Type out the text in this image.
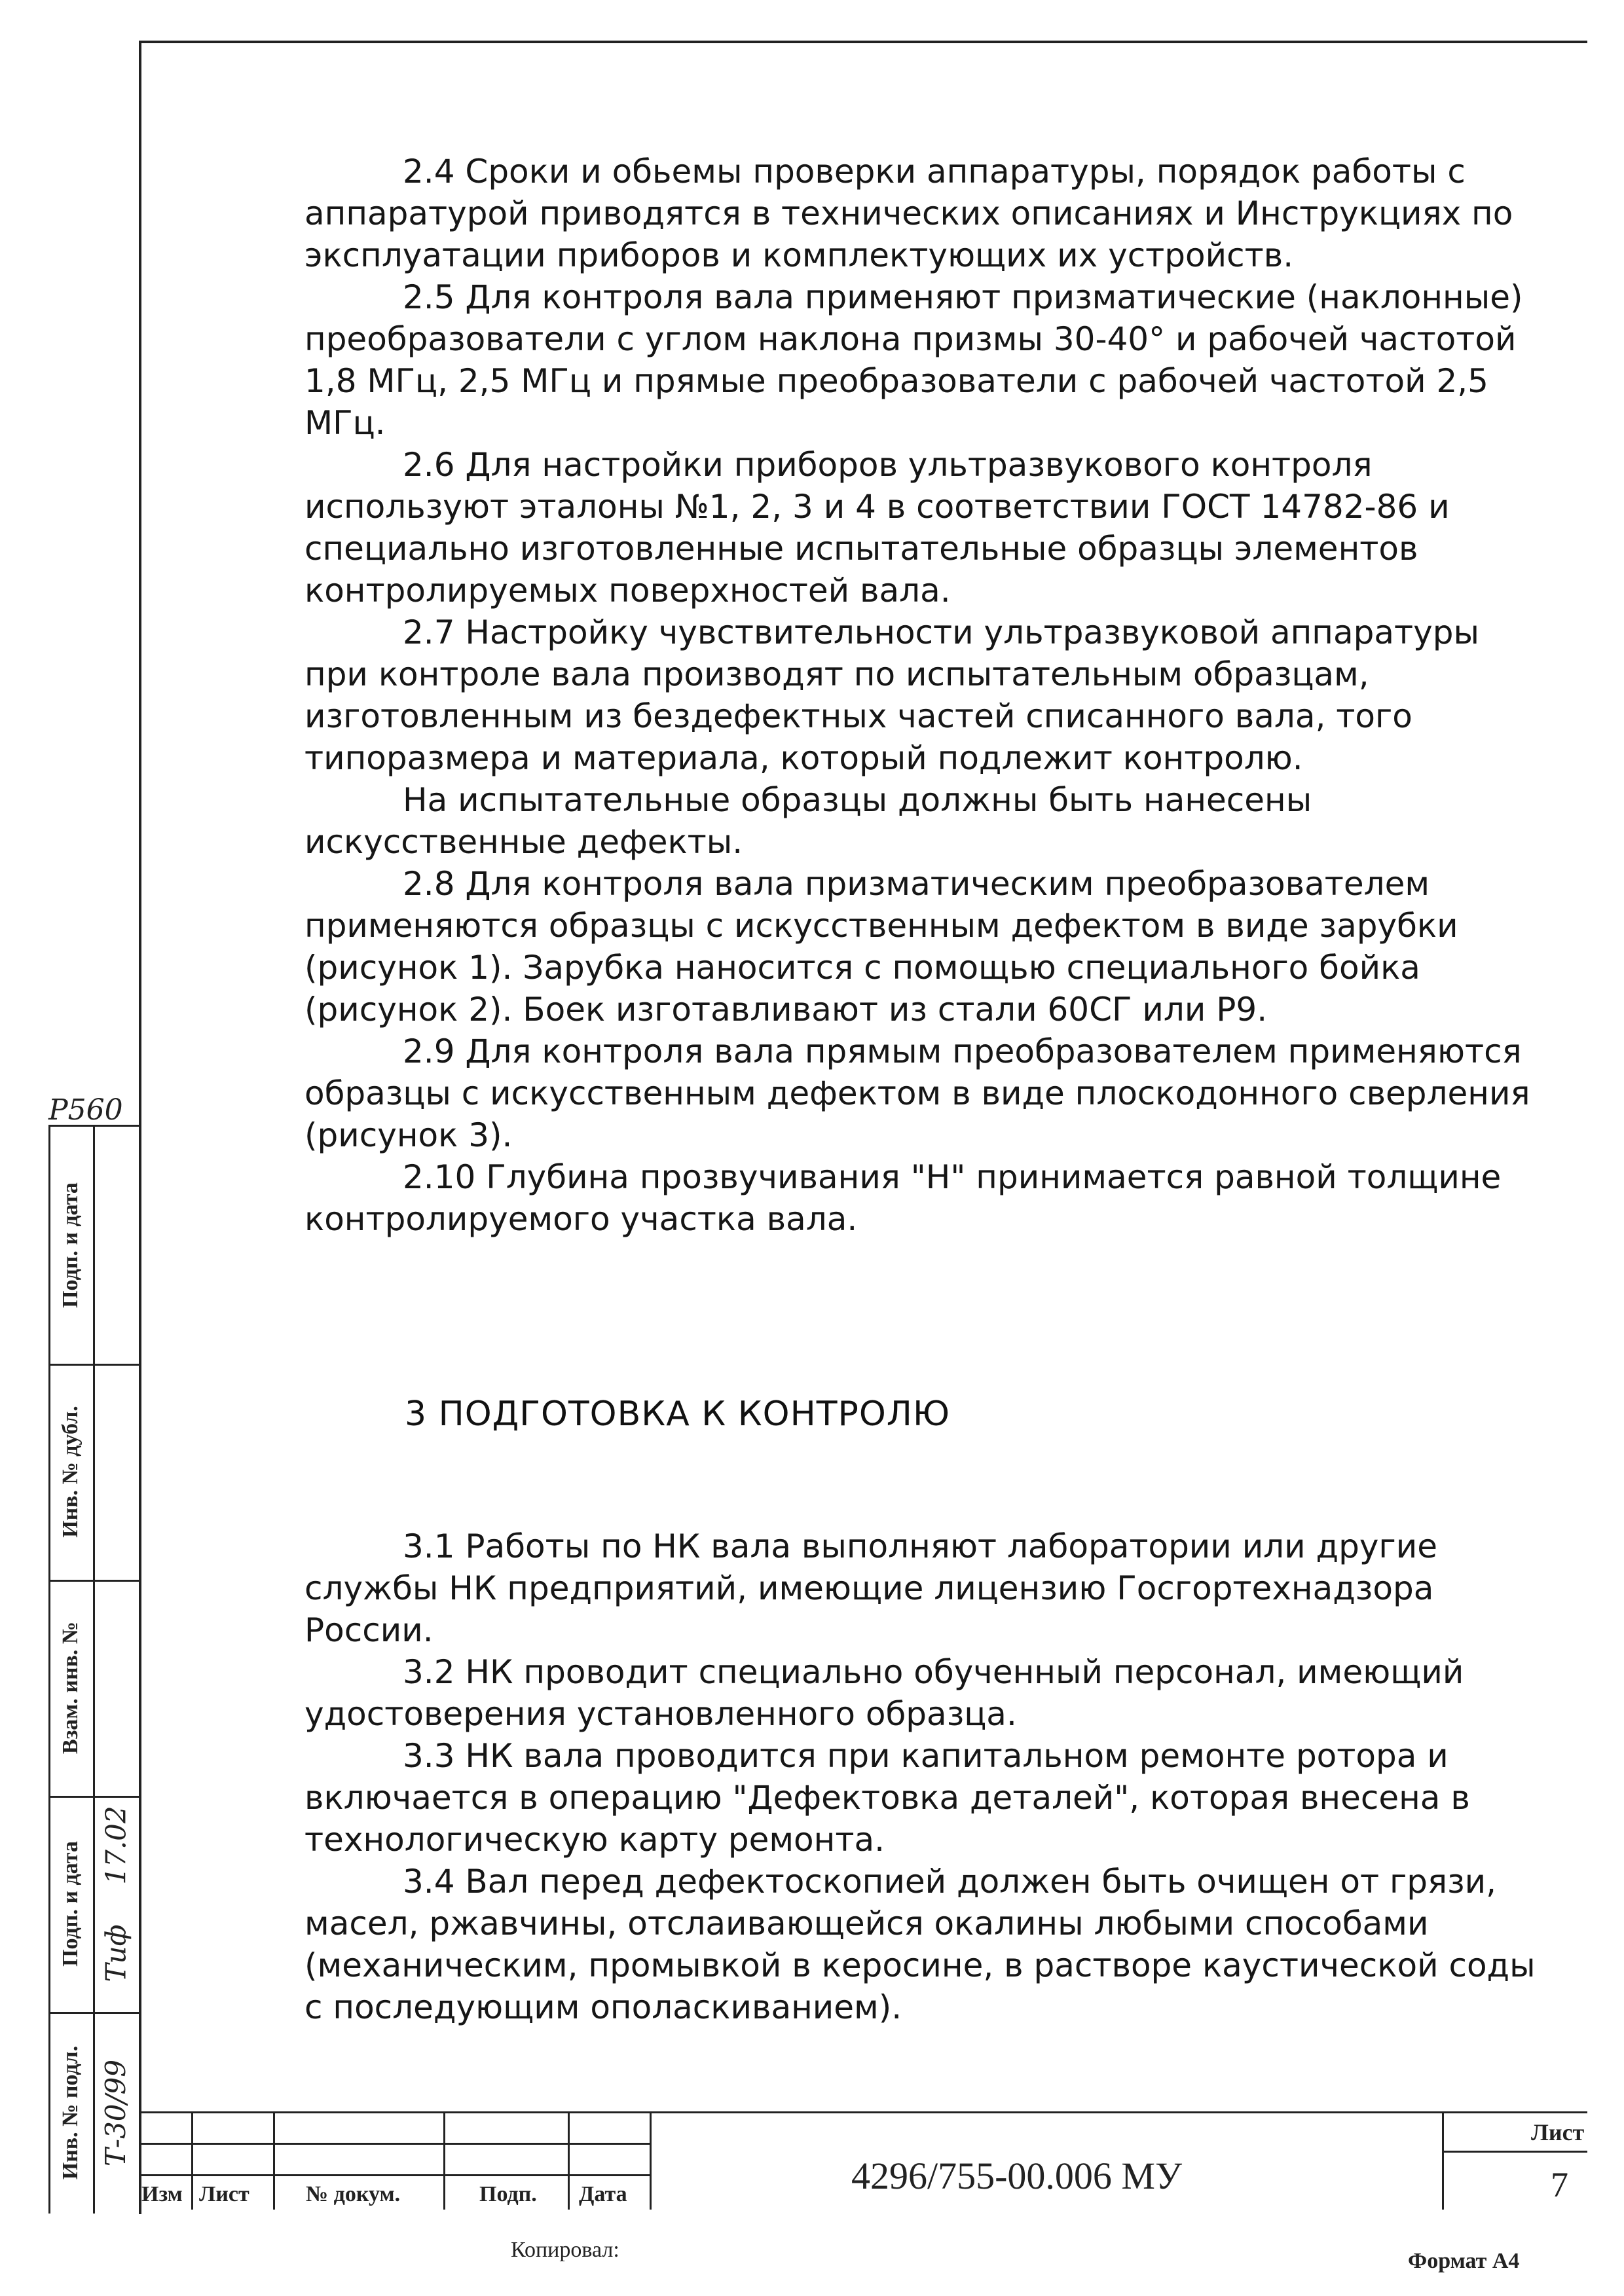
2.4 Сроки и обьемы проверки аппаратуры, порядок работы с аппаратурой приводятся в технических описаниях и Инструкциях по эксплуатации приборов и комплектующих их устройств.

2.5 Для контроля вала применяют призматические (наклонные) преобразователи с углом наклона призмы 30-40° и рабочей частотой 1,8 МГц, 2,5 МГц и прямые преобразователи с рабочей частотой 2,5 МГц.

2.6 Для настройки приборов ультразвукового контроля используют эталоны №1, 2, 3 и 4 в соответствии ГОСТ 14782-86 и специально изготовленные испытательные образцы элементов контролируемых поверхностей вала.

2.7 Настройку чувствительности ультразвуковой аппаратуры при контроле вала производят по испытательным образцам, изготовленным из бездефектных частей списанного вала, того типоразмера и материала, который подлежит контролю.

На испытательные образцы должны быть нанесены искусственные дефекты.

2.8 Для контроля вала призматическим преобразователем применяются образцы с искусственным дефектом в виде зарубки (рисунок 1). Зарубка наносится с помощью специального бойка (рисунок 2). Боек изготавливают из стали 60СГ или Р9.

2.9 Для контроля вала прямым преобразователем применяются образцы с искусственным дефектом в виде плоскодонного сверления (рисунок 3).

2.10 Глубина прозвучивания "Н" принимается равной толщине контролируемого участка вала.

3 ПОДГОТОВКА К КОНТРОЛЮ

3.1 Работы по НК вала выполняют лаборатории или другие службы НК предприятий, имеющие лицензию Госгортехнадзора России.

3.2 НК проводит специально обученный персонал, имеющий удостоверения установленного образца.

3.3 НК вала проводится при капитальном ремонте ротора и включается в операцию "Дефектовка деталей", которая внесена в технологическую карту ремонта.

3.4 Вал перед дефектоскопией должен быть очищен от грязи, масел, ржавчины, отслаивающейся окалины любыми способами (механическим, промывкой в керосине, в растворе каустической соды с последующим ополаскиванием).

Р560
Подп. и дата
Инв. № дубл.
Взам. инв. №
Подп. и дата
Инв. № подл.
17.02
Тиф
Т-30/99
Изм Лист	№ докум.	Подп. Дата	4296/755-00.006 МУ
Лист
7
Копировал:	Формат А4
